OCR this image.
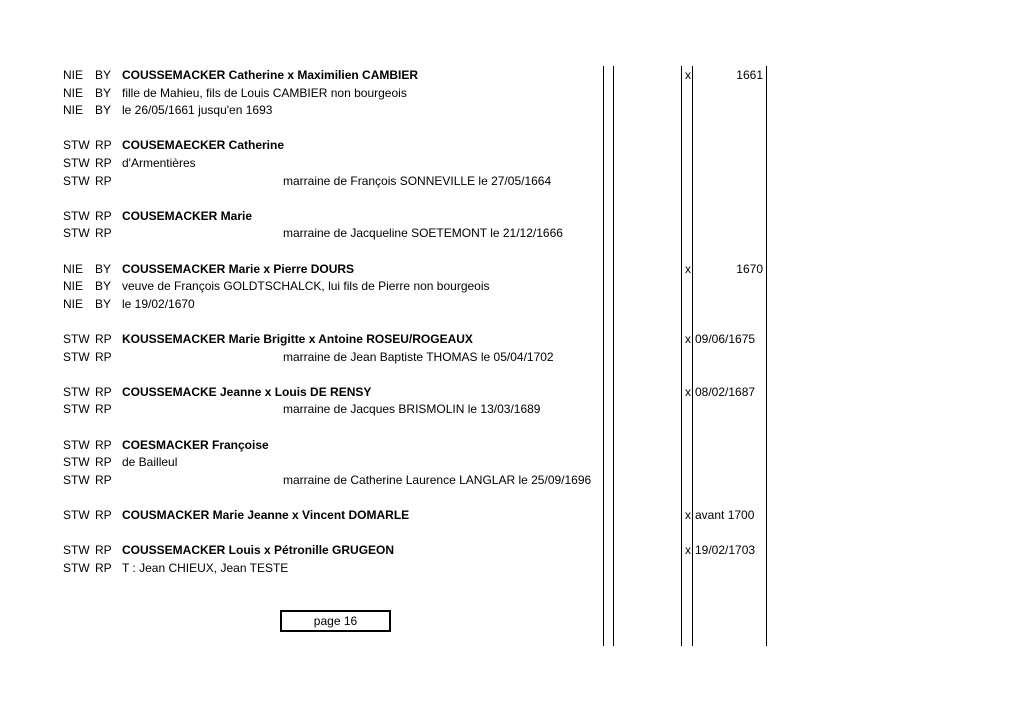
NIE BY COUSSEMACKER Catherine x Maximilien CAMBIER	x	1661
NIE BY fille de Mahieu, fils de Louis CAMBIER non bourgeois
NIE BY le 26/05/1661 jusqu'en 1693
STW RP COUSEMAECKER Catherine
STW RP d'Armentières
STW RP	marraine de François SONNEVILLE le 27/05/1664
STW RP COUSEMACKER Marie
STW RP	marraine de Jacqueline SOETEMONT le 21/12/1666
NIE BY COUSSEMACKER Marie x Pierre DOURS	x	1670
NIE BY veuve de François GOLDTSCHALCK, lui fils de Pierre non bourgeois
NIE BY le 19/02/1670
STW RP KOUSSEMACKER Marie Brigitte x Antoine ROSEU/ROGEAUX	x 09/06/1675
STW RP	marraine de Jean Baptiste THOMAS le 05/04/1702
STW RP COUSSEMACKE Jeanne x Louis DE RENSY	x 08/02/1687
STW RP	marraine de Jacques BRISMOLIN le 13/03/1689
STW RP COESMACKER Françoise
STW RP de Bailleul
STW RP	marraine de Catherine Laurence LANGLAR le 25/09/1696
STW RP COUSMACKER Marie Jeanne x Vincent DOMARLE	x avant 1700
STW RP COUSSEMACKER Louis x Pétronille GRUGEON	x 19/02/1703
STW RP T : Jean CHIEUX, Jean TESTE
page 16
